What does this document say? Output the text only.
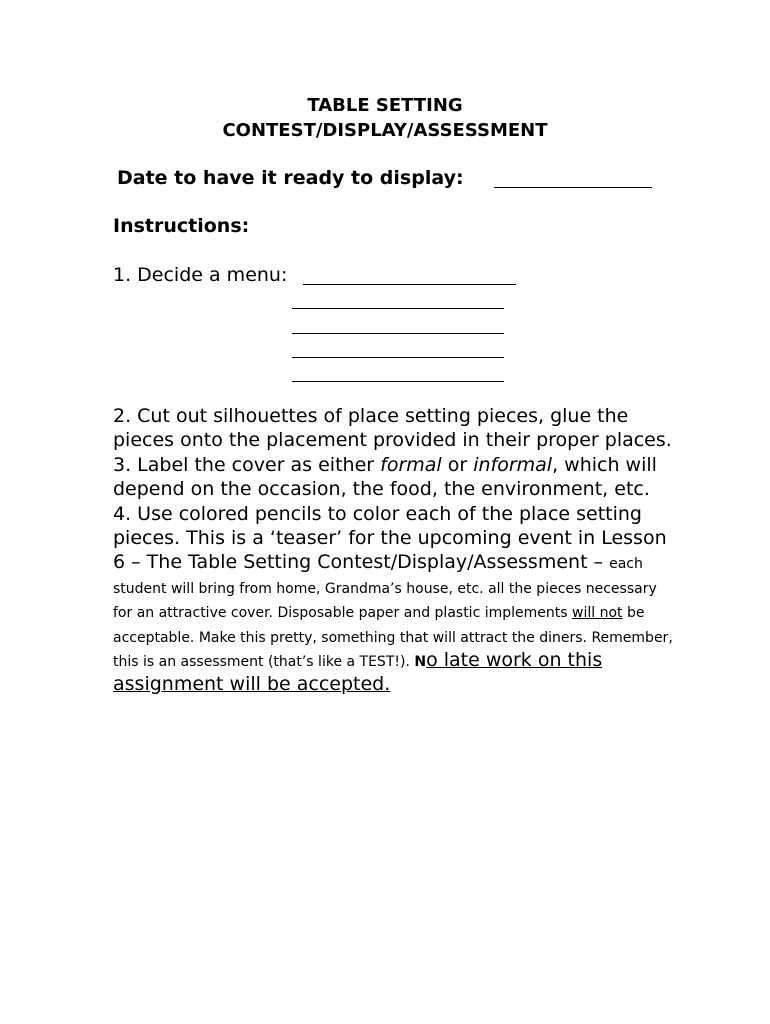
TABLE SETTING
CONTEST/DISPLAY/ASSESSMENT
Date to have it ready to display:
Instructions:
1. Decide a menu:

2. Cut out silhouettes of place setting pieces, glue the pieces onto the placement provided in their proper places.

3. Label the cover as either formal or informal, which will depend on the occasion, the food, the environment, etc.

4. Use colored pencils to color each of the place setting pieces. This is a ‘teaser’ for the upcoming event in Lesson 6 – The Table Setting Contest/Display/Assessment – each student will bring from home, Grandma’s house, etc. all the pieces necessary for an attractive cover. Disposable paper and plastic implements will not be acceptable. Make this pretty, something that will attract the diners. Remember, this is an assessment (that’s like a TEST!). No late work on this assignment will be accepted.
